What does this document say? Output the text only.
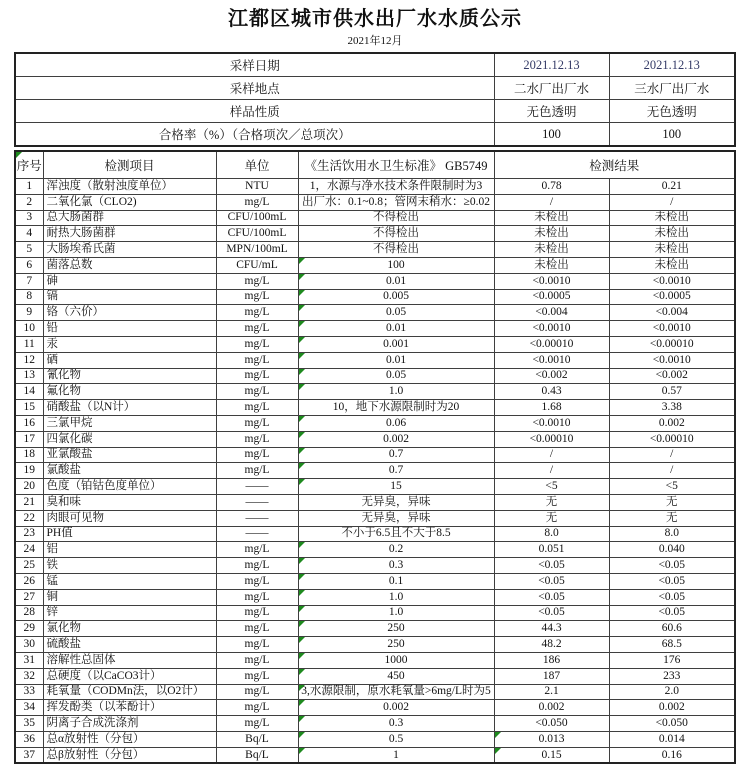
江都区城市供水出厂水水质公示
2021年12月
采样日期	2021.12.13	2021.12.13
采样地点	二水厂出厂水	三水厂出厂水
样品性质	无色透明	无色透明
合格率（%）（合格项次／总项次）	100	100
序号	检测项目	单位	《生活饮用水卫生标准》 GB5749	检测结果	
1	浑浊度（散射浊度单位）	NTU	1，水源与净水技术条件限制时为3	0.78	0.21
2	二氧化氯（CLO2)	mg/L	出厂水：0.1~0.8；管网末稍水：≥0.02	/	/
3	总大肠菌群	CFU/100mL	不得检出	未检出	未检出
4	耐热大肠菌群	CFU/100mL	不得检出	未检出	未检出
5	大肠埃希氏菌	MPN/100mL	不得检出	未检出	未检出
6	菌落总数	CFU/mL	100	未检出	未检出
7	砷	mg/L	0.01	<0.0010	<0.0010
8	镉	mg/L	0.005	<0.0005	<0.0005
9	铬（六价）	mg/L	0.05	<0.004	<0.004
10	铅	mg/L	0.01	<0.0010	<0.0010
11	汞	mg/L	0.001	<0.00010	<0.00010
12	硒	mg/L	0.01	<0.0010	<0.0010
13	氰化物	mg/L	0.05	<0.002	<0.002
14	氟化物	mg/L	1.0	0.43	0.57
15	硝酸盐（以N计）	mg/L	10，地下水源限制时为20	1.68	3.38
16	三氯甲烷	mg/L	0.06	<0.0010	0.002
17	四氯化碳	mg/L	0.002	<0.00010	<0.00010
18	亚氯酸盐	mg/L	0.7	/	/
19	氯酸盐	mg/L	0.7	/	/
20	色度（铂钴色度单位）	——	15	<5	<5
21	臭和味	——	无异臭，异味	无	无
22	肉眼可见物	——	无异臭，异味	无	无
23	PH值	——	不小于6.5且不大于8.5	8.0	8.0
24	铝	mg/L	0.2	0.051	0.040
25	铁	mg/L	0.3	<0.05	<0.05
26	锰	mg/L	0.1	<0.05	<0.05
27	铜	mg/L	1.0	<0.05	<0.05
28	锌	mg/L	1.0	<0.05	<0.05
29	氯化物	mg/L	250	44.3	60.6
30	硫酸盐	mg/L	250	48.2	68.5
31	溶解性总固体	mg/L	1000	186	176
32	总硬度（以CaCO3计）	mg/L	450	187	233
33	耗氧量（CODMn法，以O2计）	mg/L	3,水源限制，原水耗氧量>6mg/L时为5	2.1	2.0
34	挥发酚类（以苯酚计）	mg/L	0.002	0.002	0.002
35	阴离子合成洗涤剂	mg/L	0.3	<0.050	<0.050
36	总α放射性（分包）	Bq/L	0.5	0.013	0.014
37	总β放射性（分包）	Bq/L	1	0.15	0.16
